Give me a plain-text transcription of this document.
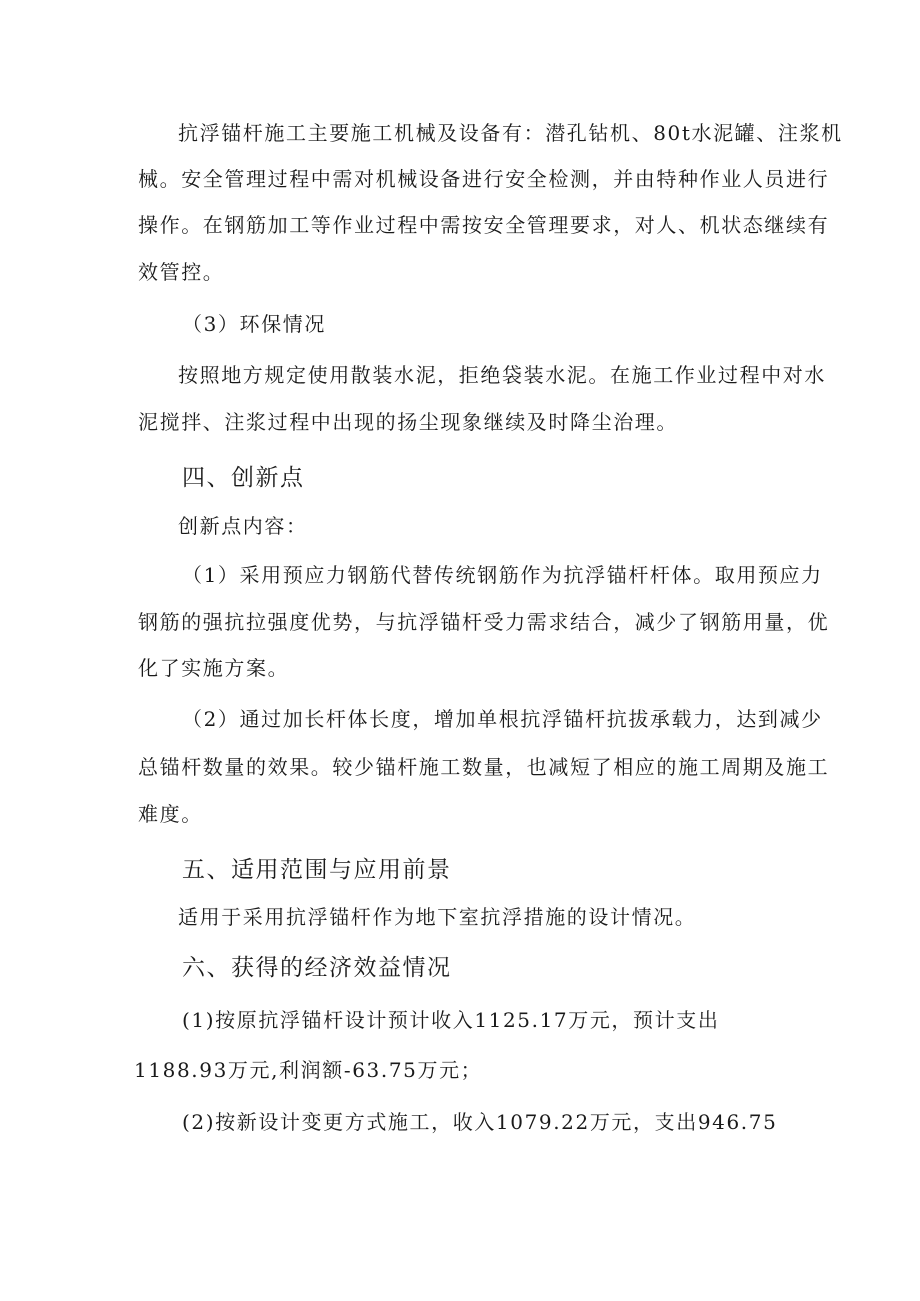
抗浮锚杆施工主要施工机械及设备有：潜孔钻机、80t水泥罐、注浆机
械。安全管理过程中需对机械设备进行安全检测，并由特种作业人员进行
操作。在钢筋加工等作业过程中需按安全管理要求，对人、机状态继续有
效管控。
（3）环保情况
按照地方规定使用散装水泥，拒绝袋装水泥。在施工作业过程中对水
泥搅拌、注浆过程中出现的扬尘现象继续及时降尘治理。
四、创新点
创新点内容：
（1）采用预应力钢筋代替传统钢筋作为抗浮锚杆杆体。取用预应力
钢筋的强抗拉强度优势，与抗浮锚杆受力需求结合，减少了钢筋用量，优
化了实施方案。
（2）通过加长杆体长度，增加单根抗浮锚杆抗拔承载力，达到减少
总锚杆数量的效果。较少锚杆施工数量，也减短了相应的施工周期及施工
难度。
五、适用范围与应用前景
适用于采用抗浮锚杆作为地下室抗浮措施的设计情况。
六、获得的经济效益情况
(1)按原抗浮锚杆设计预计收入1125.17万元，预计支出
1188.93万元,利润额-63.75万元；
(2)按新设计变更方式施工，收入1079.22万元，支出946.75
